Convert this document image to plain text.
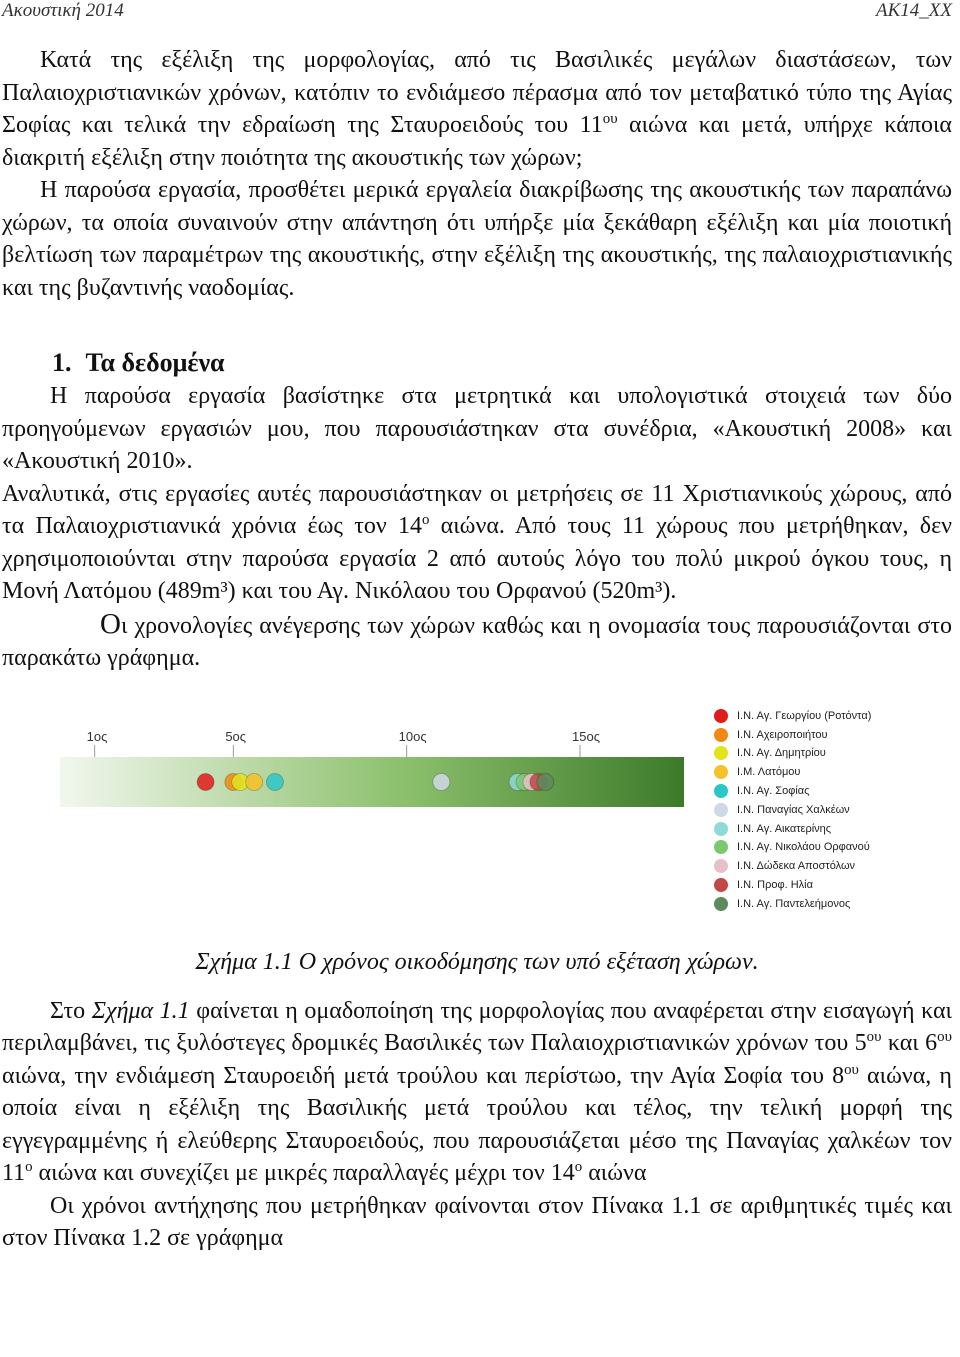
Ακουστική 2014	ΑΚ14_XX

Κατά της εξέλιξη της μορφολογίας, από τις Βασιλικές μεγάλων διαστάσεων, των Παλαιοχριστιανικών χρόνων, κατόπιν το ενδιάμεσο πέρασμα από τον μεταβατικό τύπο της Αγίας Σοφίας και τελικά την εδραίωση της Σταυροειδούς του $11^{o\upsilon}$ αιώνα και μετά, υπήρχε κάποια διακριτή εξέλιξη στην ποιότητα της ακουστικής των χώρων;

Η παρούσα εργασία, προσθέτει μερικά εργαλεία διακρίβωσης της ακουστικής των παραπάνω χώρων, τα οποία συναινούν στην απάντηση ότι υπήρξε μία ξεκάθαρη εξέλιξη και μία ποιοτική βελτίωση των παραμέτρων της ακουστικής, στην εξέλιξη της ακουστικής, της παλαιοχριστιανικής και της βυζαντινής ναοδομίας.

1. Τα δεδομένα

Η παρούσα εργασία βασίστηκε στα μετρητικά και υπολογιστικά στοιχειά των δύο προηγούμενων εργασιών μου, που παρουσιάστηκαν στα συνέδρια, «Ακουστική 2008» και «Ακουστική 2010».

Αναλυτικά, στις εργασίες αυτές παρουσιάστηκαν οι μετρήσεις σε 11 Χριστιανικούς χώρους, από τα Παλαιοχριστιανικά χρόνια έως τον $14^o$ αιώνα. Από τους 11 χώρους που μετρήθηκαν, δεν χρησιμοποιούνται στην παρούσα εργασία 2 από αυτούς λόγο του πολύ μικρού όγκου τους, η Μονή Λατόμου (489m³) και του Αγ. Νικόλαου του Ορφανού (520m³).

Οι χρονολογίες ανέγερσης των χώρων καθώς και η ονομασία τους παρουσιάζονται στο παρακάτω γράφημα.

1ος	5ος	10ος	15ος
Ι.Ν. Αγ. Γεωργίου (Ροτόντα)
Ι.Ν. Αχειροποιήτου
Ι.Ν. Αγ. Δημητρίου
Ι.Μ. Λατόμου
Ι.Ν. Αγ. Σοφίας
Ι.Ν. Παναγίας Χαλκέων
Ι.Ν. Αγ. Αικατερίνης
Ι.Ν. Αγ. Νικολάου Ορφανού
Ι.Ν. Δώδεκα Αποστόλων
Ι.Ν. Προφ. Ηλία
Ι.Ν. Αγ. Παντελεήμονος
Σχήμα 1.1 Ο χρόνος οικοδόμησης των υπό εξέταση χώρων.

Στο Σχήμα 1.1 φαίνεται η ομαδοποίηση της μορφολογίας που αναφέρεται στην εισαγωγή και περιλαμβάνει, τις ξυλόστεγες δρομικές Βασιλικές των Παλαιοχριστιανικών χρόνων του $5^{o\upsilon}$ και $6^{o\upsilon}$ αιώνα, την ενδιάμεση Σταυροειδή μετά τρούλου και περίστωο, την Αγία Σοφία του $8^{o\upsilon}$ αιώνα, η οποία είναι η εξέλιξη της Βασιλικής μετά τρούλου και τέλος, την τελική μορφή της εγγεγραμμένης ή ελεύθερης Σταυροειδούς, που παρουσιάζεται μέσο της Παναγίας χαλκέων τον $11^o$ αιώνα και συνεχίζει με μικρές παραλλαγές μέχρι τον $14^o$ αιώνα

Οι χρόνοι αντήχησης που μετρήθηκαν φαίνονται στον Πίνακα 1.1 σε αριθμητικές τιμές και στον Πίνακα 1.2 σε γράφημα
